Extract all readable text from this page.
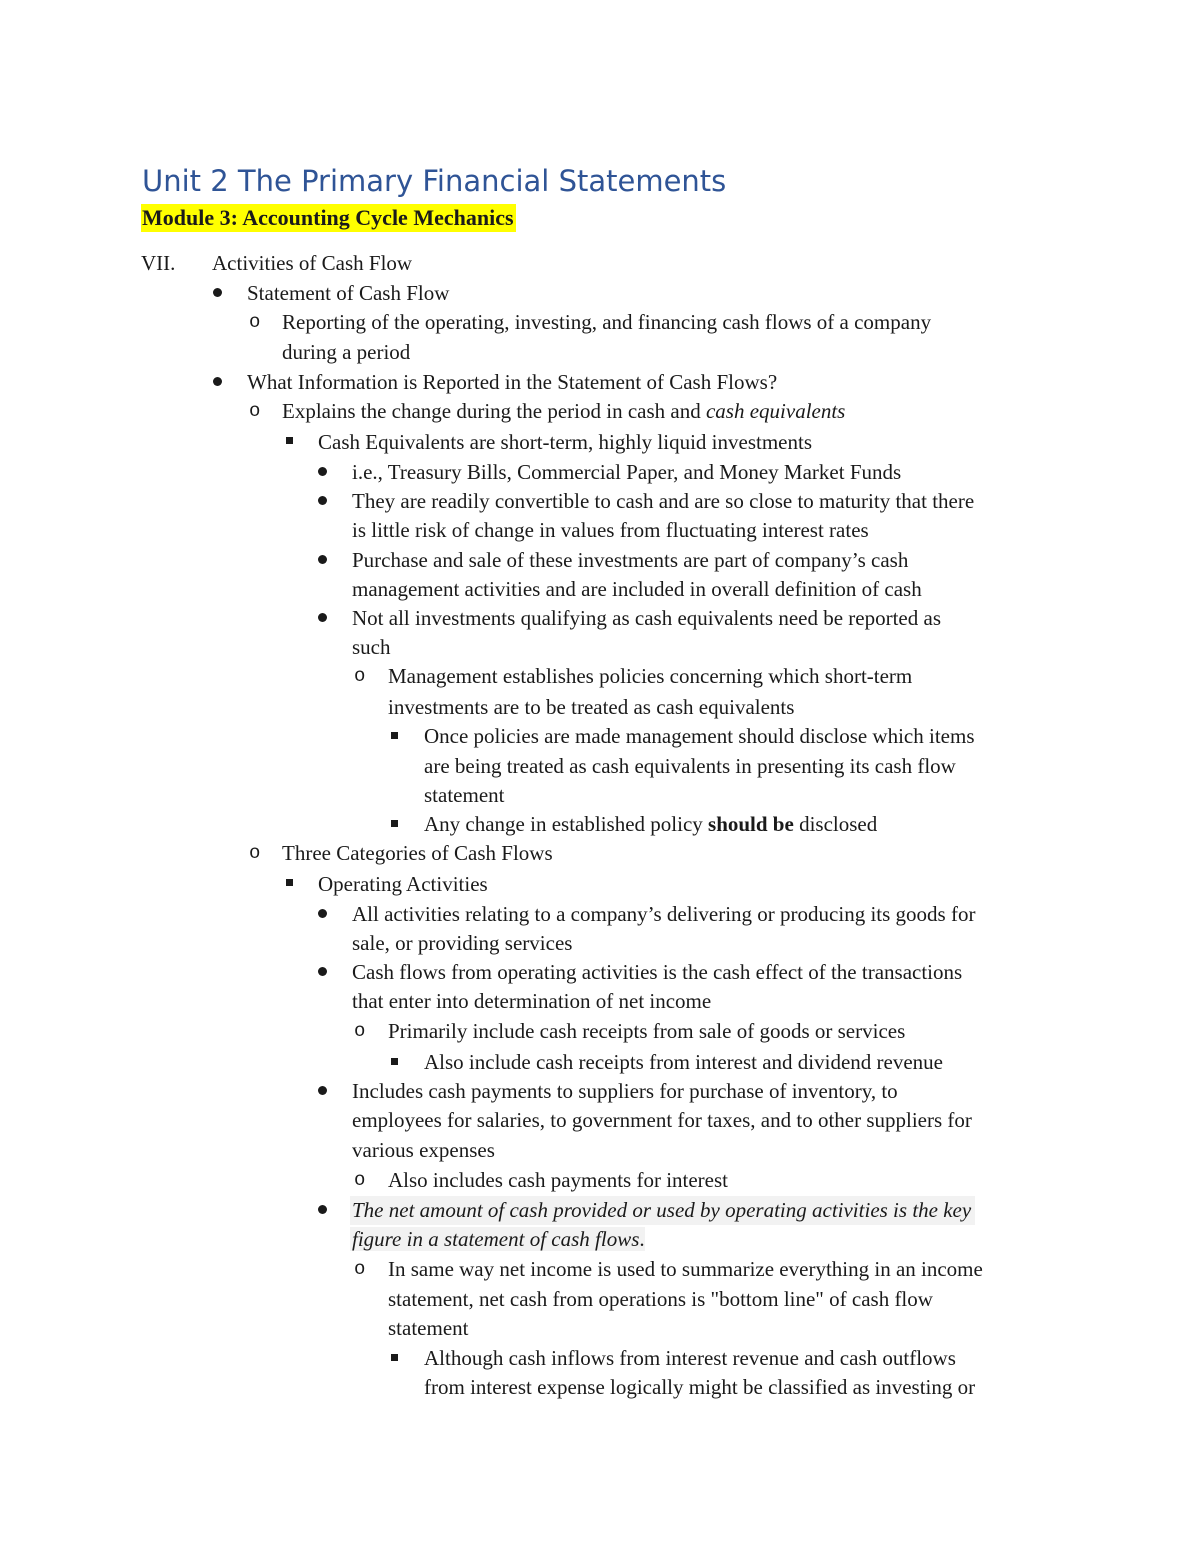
Unit 2 The Primary Financial Statements
Module 3: Accounting Cycle Mechanics
VII. Activities of Cash Flow
Statement of Cash Flow
o Reporting of the operating, investing, and financing cash flows of a company
during a period
What Information is Reported in the Statement of Cash Flows?
o Explains the change during the period in cash and cash equivalents
Cash Equivalents are short-term, highly liquid investments
i.e., Treasury Bills, Commercial Paper, and Money Market Funds
They are readily convertible to cash and are so close to maturity that there
is little risk of change in values from fluctuating interest rates
Purchase and sale of these investments are part of company’s cash
management activities and are included in overall definition of cash
Not all investments qualifying as cash equivalents need be reported as
such
o Management establishes policies concerning which short-term
investments are to be treated as cash equivalents
Once policies are made management should disclose which items
are being treated as cash equivalents in presenting its cash flow
statement
Any change in established policy should be disclosed
o Three Categories of Cash Flows
Operating Activities
All activities relating to a company’s delivering or producing its goods for
sale, or providing services
Cash flows from operating activities is the cash effect of the transactions
that enter into determination of net income
o Primarily include cash receipts from sale of goods or services
Also include cash receipts from interest and dividend revenue
Includes cash payments to suppliers for purchase of inventory, to
employees for salaries, to government for taxes, and to other suppliers for
various expenses
o Also includes cash payments for interest
The net amount of cash provided or used by operating activities is the key
figure in a statement of cash flows.
o In same way net income is used to summarize everything in an income
statement, net cash from operations is "bottom line" of cash flow
statement
Although cash inflows from interest revenue and cash outflows
from interest expense logically might be classified as investing or
